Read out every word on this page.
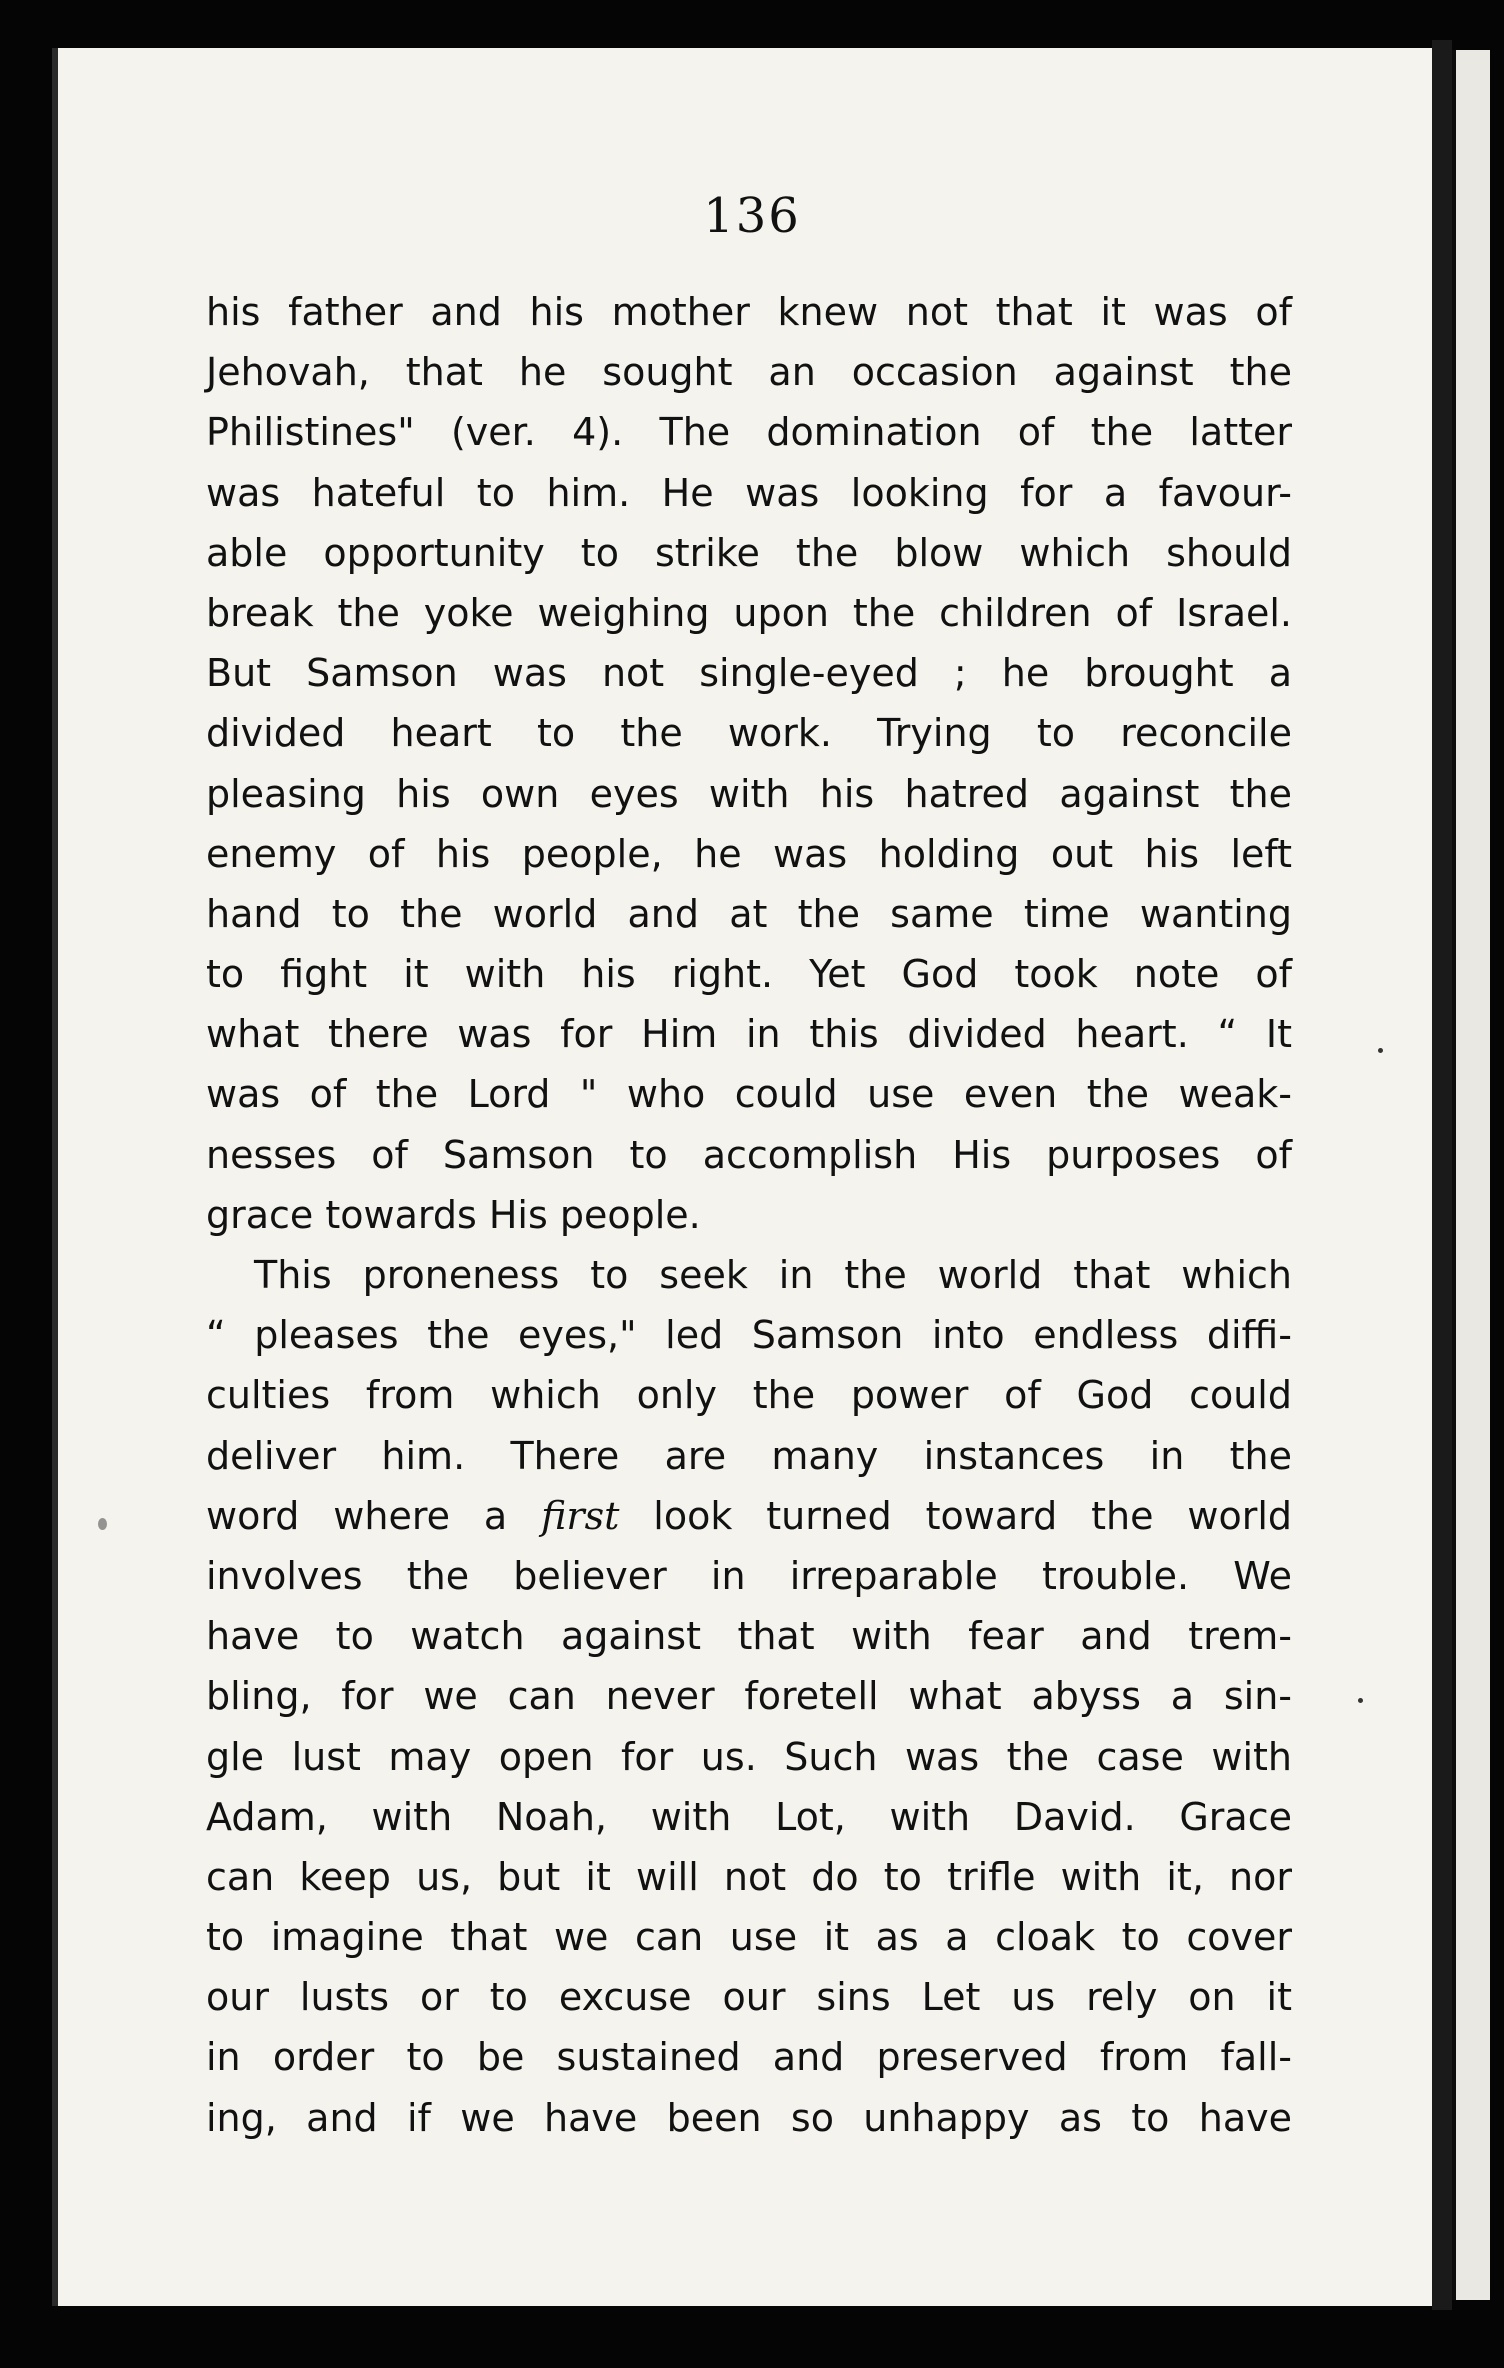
136
his father and his mother knew not that it was of
Jehovah, that he sought an occasion against the
Philistines" (ver. 4). The domination of the latter
was hateful to him. He was looking for a favour-
able opportunity to strike the blow which should
break the yoke weighing upon the children of Israel.
But Samson was not single-eyed ; he brought a
divided heart to the work. Trying to reconcile
pleasing his own eyes with his hatred against the
enemy of his people, he was holding out his left
hand to the world and at the same time wanting
to fight it with his right. Yet God took note of
what there was for Him in this divided heart. “ It
was of the Lord " who could use even the weak-
nesses of Samson to accomplish His purposes of
grace towards His people.
This proneness to seek in the world that which
“ pleases the eyes," led Samson into endless diffi-
culties from which only the power of God could
deliver him. There are many instances in the
word where a first look turned toward the world
involves the believer in irreparable trouble. We
have to watch against that with fear and trem-
bling, for we can never foretell what abyss a sin-
gle lust may open for us. Such was the case with
Adam, with Noah, with Lot, with David. Grace
can keep us, but it will not do to trifle with it, nor
to imagine that we can use it as a cloak to cover
our lusts or to excuse our sins Let us rely on it
in order to be sustained and preserved from fall-
ing, and if we have been so unhappy as to have
